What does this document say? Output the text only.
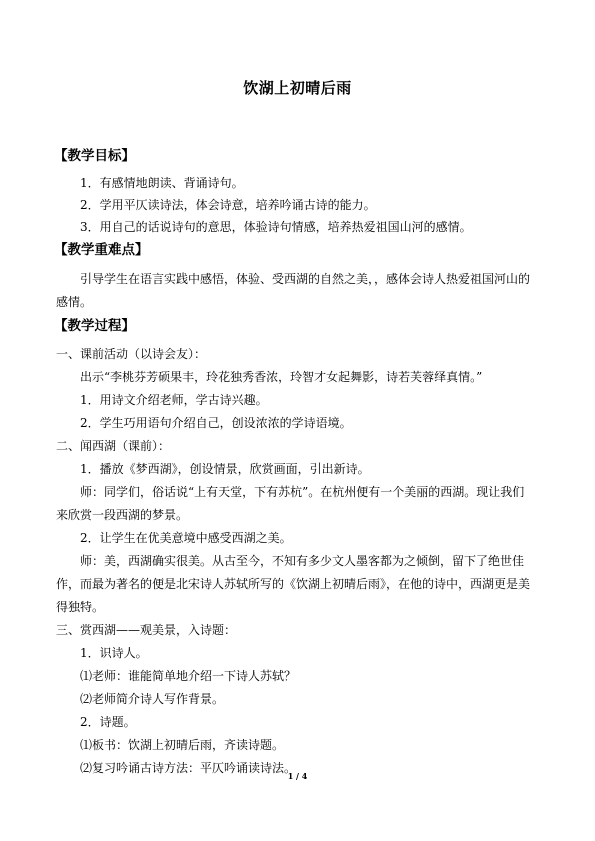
饮湖上初晴后雨
【教学目标】
1．有感情地朗读、背诵诗句。
2．学用平仄读诗法，体会诗意，培养吟诵古诗的能力。
3．用自己的话说诗句的意思，体验诗句情感，培养热爱祖国山河的感情。
【教学重难点】
引导学生在语言实践中感悟，体验、受西湖的自然之美，，感体会诗人热爱祖国河山的
感情。
【教学过程】
一、课前活动（以诗会友）：
出示“李桃芬芳硕果丰，玲花独秀香浓，玲智才女起舞影，诗若芙蓉绎真情。”
1．用诗文介绍老师，学古诗兴趣。
2．学生巧用语句介绍自己，创设浓浓的学诗语境。
二、闻西湖（课前）：
1．播放《梦西湖》，创设情景，欣赏画面，引出新诗。
师：同学们，俗话说“上有天堂，下有苏杭”。在杭州便有一个美丽的西湖。现让我们
来欣赏一段西湖的梦景。
2．让学生在优美意境中感受西湖之美。
师：美，西湖确实很美。从古至今，不知有多少文人墨客都为之倾倒，留下了绝世佳
作，而最为著名的便是北宋诗人苏轼所写的《饮湖上初晴后雨》，在他的诗中，西湖更是美
得独特。
三、赏西湖——观美景，入诗题：
1．识诗人。
⑴老师：谁能简单地介绍一下诗人苏轼？
⑵老师简介诗人写作背景。
2．诗题。
⑴板书：饮湖上初晴后雨，齐读诗题。
⑵复习吟诵古诗方法：平仄吟诵读诗法。
1 / 4
